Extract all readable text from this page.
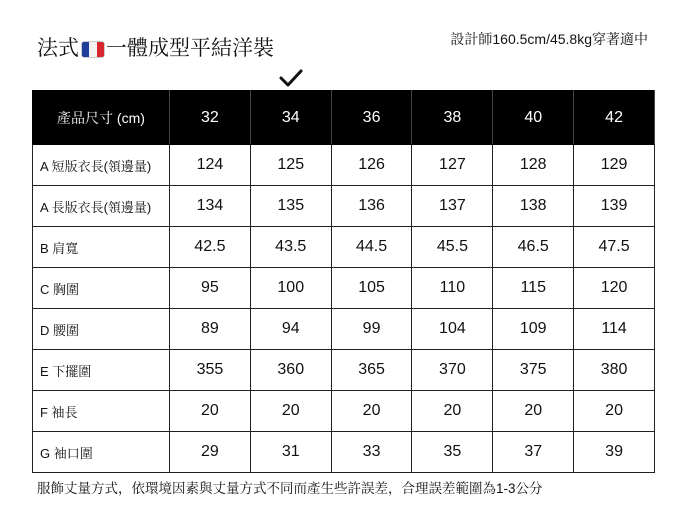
法式 一體成型平結洋裝	設計師160.5cm/45.8kg穿著適中
產品尺寸 (cm)	32	34	36	38	40	42
A 短版衣長(領邊量)	124	125	126	127	128	129
A 長版衣長(領邊量)	134	135	136	137	138	139
B 肩寬	42.5	43.5	44.5	45.5	46.5	47.5
C 胸圍	95	100	105	110	115	120
D 腰圍	89	94	99	104	109	114
E 下擺圍	355	360	365	370	375	380
F 袖長	20	20	20	20	20	20
G 袖口圍	29	31	33	35	37	39
服飾丈量方式，依環境因素與丈量方式不同而產生些許誤差，合理誤差範圍為1-3公分
